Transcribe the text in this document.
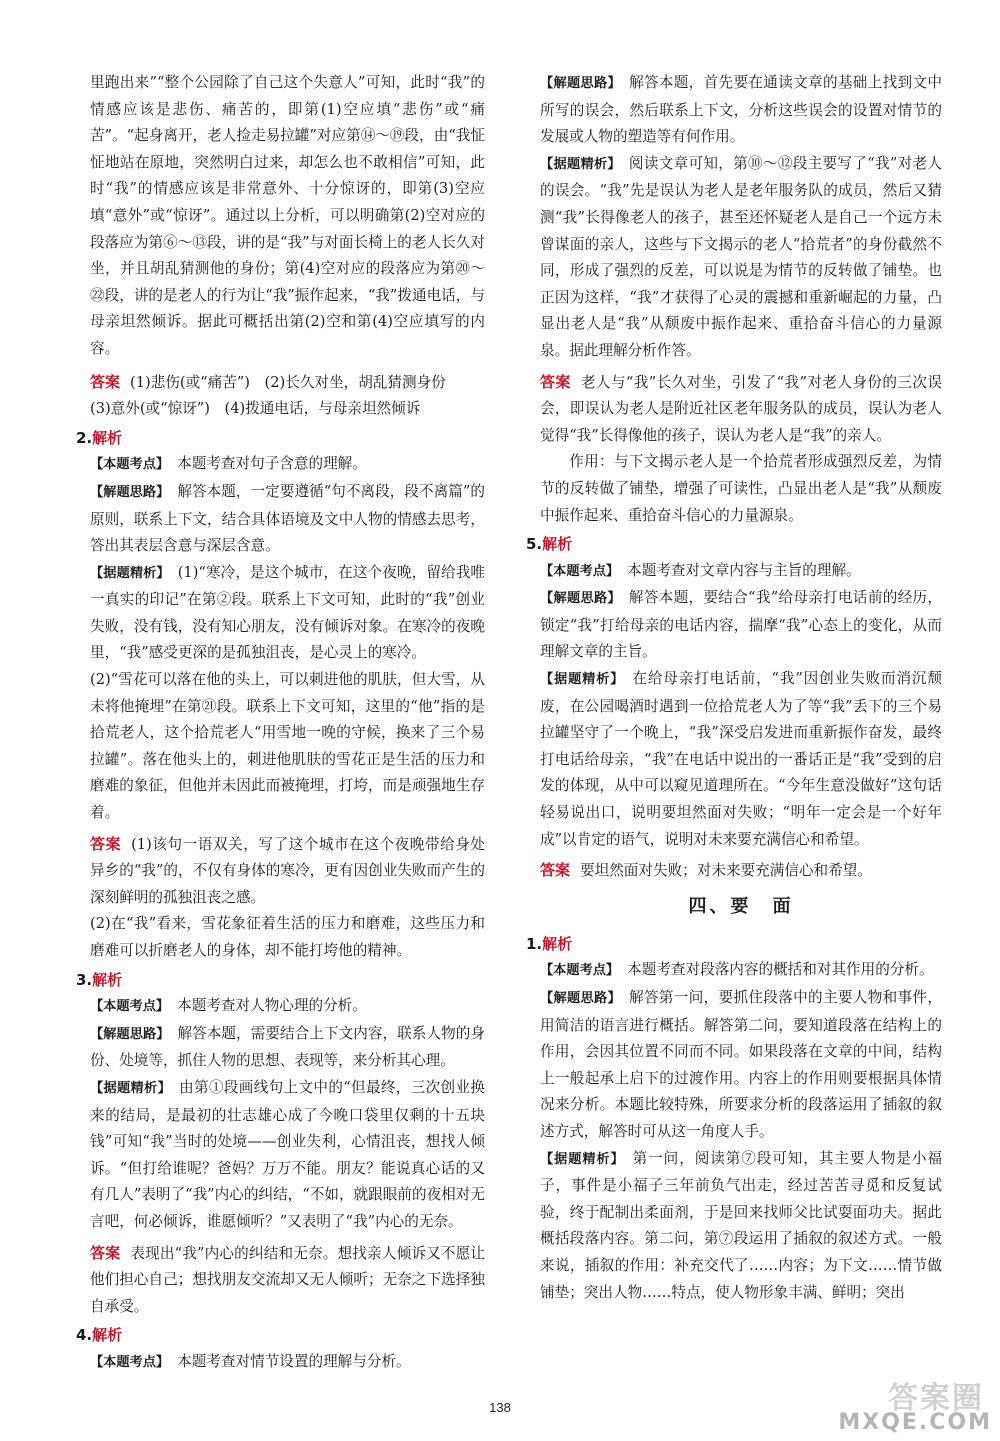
里跑出来”“整个公园除了自己这个失意人”可知，此时“我”的情感应该是悲伤、痛苦的，即第(1)空应填“悲伤”或“痛苦”。“起身离开，老人捡走易拉罐”对应第⑭～⑲段，由“我怔怔地站在原地，突然明白过来，却怎么也不敢相信”可知，此时“我”的情感应该是非常意外、十分惊讶的，即第(3)空应填“意外”或“惊讶”。通过以上分析，可以明确第(2)空对应的段落应为第⑥～⑬段，讲的是“我”与对面长椅上的老人长久对坐，并且胡乱猜测他的身份；第(4)空对应的段落应为第⑳～㉒段，讲的是老人的行为让“我”振作起来，“我”拨通电话，与母亲坦然倾诉。据此可概括出第(2)空和第(4)空应填写的内容。

答案 (1)悲伤(或“痛苦”)　(2)长久对坐，胡乱猜测身份
(3)意外(或“惊讶”)　(4)拨通电话，与母亲坦然倾诉

2.解析

【本题考点】 本题考查对句子含意的理解。

【解题思路】 解答本题，一定要遵循“句不离段，段不离篇”的原则，联系上下文，结合具体语境及文中人物的情感去思考，答出其表层含意与深层含意。

【据题精析】 (1)“寒冷，是这个城市，在这个夜晚，留给我唯一真实的印记”在第②段。联系上下文可知，此时的“我”创业失败，没有钱，没有知心朋友，没有倾诉对象。在寒冷的夜晚里，“我”感受更深的是孤独沮丧，是心灵上的寒冷。

(2)“雪花可以落在他的头上，可以刺进他的肌肤，但大雪，从未将他掩埋”在第㉑段。联系上下文可知，这里的“他”指的是拾荒老人，这个拾荒老人“用雪地一晚的守候，换来了三个易拉罐”。落在他头上的，刺进他肌肤的雪花正是生活的压力和磨难的象征，但他并未因此而被掩埋，打垮，而是顽强地生存着。

答案 (1)该句一语双关，写了这个城市在这个夜晚带给身处异乡的“我”的，不仅有身体的寒冷，更有因创业失败而产生的深刻鲜明的孤独沮丧之感。

(2)在“我”看来，雪花象征着生活的压力和磨难，这些压力和磨难可以折磨老人的身体，却不能打垮他的精神。

3.解析

【本题考点】 本题考查对人物心理的分析。

【解题思路】 解答本题，需要结合上下文内容，联系人物的身份、处境等，抓住人物的思想、表现等，来分析其心理。

【据题精析】 由第①段画线句上文中的“但最终，三次创业换来的结局，是最初的壮志雄心成了今晚口袋里仅剩的十五块钱”可知“我”当时的处境——创业失利，心情沮丧，想找人倾诉。“但打给谁呢？爸妈？万万不能。朋友？能说真心话的又有几人”表明了“我”内心的纠结，“不如，就跟眼前的夜相对无言吧，何必倾诉，谁愿倾听？”又表明了“我”内心的无奈。

答案 表现出“我”内心的纠结和无奈。想找亲人倾诉又不愿让他们担心自己；想找朋友交流却又无人倾听；无奈之下选择独自承受。

4.解析

【本题考点】 本题考查对情节设置的理解与分析。

【解题思路】 解答本题，首先要在通读文章的基础上找到文中所写的误会，然后联系上下文，分析这些误会的设置对情节的发展或人物的塑造等有何作用。

【据题精析】 阅读文章可知，第⑩～⑫段主要写了“我”对老人的误会。“我”先是误认为老人是老年服务队的成员，然后又猜测“我”长得像老人的孩子，甚至还怀疑老人是自己一个远方未曾谋面的亲人，这些与下文揭示的老人“拾荒者”的身份截然不同，形成了强烈的反差，可以说是为情节的反转做了铺垫。也正因为这样，“我”才获得了心灵的震撼和重新崛起的力量，凸显出老人是“我”从颓废中振作起来、重拾奋斗信心的力量源泉。据此理解分析作答。

答案 老人与“我”长久对坐，引发了“我”对老人身份的三次误会，即误认为老人是附近社区老年服务队的成员，误认为老人觉得“我”长得像他的孩子，误认为老人是“我”的亲人。

作用：与下文揭示老人是一个拾荒者形成强烈反差，为情节的反转做了铺垫，增强了可读性，凸显出老人是“我”从颓废中振作起来、重拾奋斗信心的力量源泉。

5.解析

【本题考点】 本题考查对文章内容与主旨的理解。

【解题思路】 解答本题，要结合“我”给母亲打电话前的经历，锁定“我”打给母亲的电话内容，揣摩“我”心态上的变化，从而理解文章的主旨。

【据题精析】 在给母亲打电话前，“我”因创业失败而消沉颓废，在公园喝酒时遇到一位拾荒老人为了等“我”丢下的三个易拉罐坚守了一个晚上，“我”深受启发进而重新振作奋发，最终打电话给母亲，“我”在电话中说出的一番话正是“我”受到的启发的体现，从中可以窥见道理所在。“今年生意没做好”这句话轻易说出口，说明要坦然面对失败；“明年一定会是一个好年成”以肯定的语气，说明对未来要充满信心和希望。

答案 要坦然面对失败；对未来要充满信心和希望。

四、要　面
1.解析

【本题考点】 本题考查对段落内容的概括和对其作用的分析。

【解题思路】 解答第一问，要抓住段落中的主要人物和事件，用简洁的语言进行概括。解答第二问，要知道段落在结构上的作用，会因其位置不同而不同。如果段落在文章的中间，结构上一般起承上启下的过渡作用。内容上的作用则要根据具体情况来分析。本题比较特殊，所要求分析的段落运用了插叙的叙述方式，解答时可从这一角度人手。

【据题精析】 第一问，阅读第⑦段可知，其主要人物是小福子，事件是小福子三年前负气出走，经过苦苦寻觅和反复试验，终于配制出柔面剂，于是回来找师父比试耍面功夫。据此概括段落内容。第二问，第⑦段运用了插叙的叙述方式。一般来说，插叙的作用：补充交代了……内容；为下文……情节做铺垫；突出人物……特点，使人物形象丰满、鲜明；突出

138	答案圈
MXQE.COM
